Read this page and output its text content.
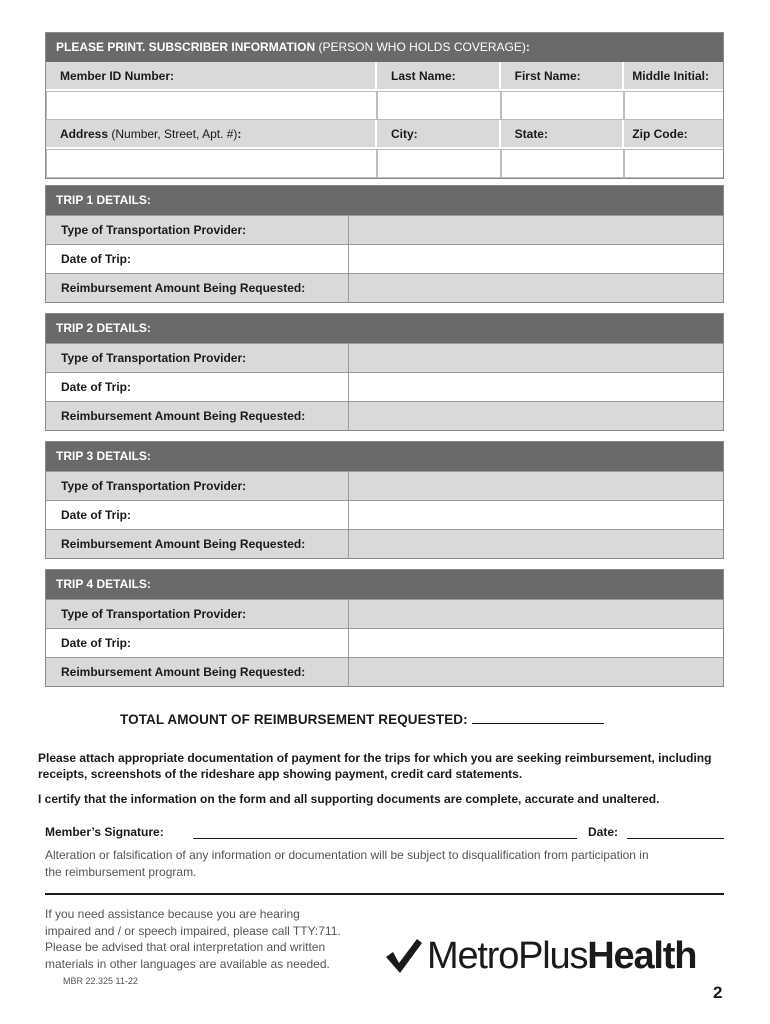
PLEASE PRINT. SUBSCRIBER INFORMATION (PERSON WHO HOLDS COVERAGE):
Member ID Number:	Last Name:	First Name:	Middle Initial:
Address (Number, Street, Apt. #):	City:	State:	Zip Code:
TRIP 1 DETAILS:
Type of Transportation Provider:
Date of Trip:
Reimbursement Amount Being Requested:
TRIP 2 DETAILS:
Type of Transportation Provider:
Date of Trip:
Reimbursement Amount Being Requested:
TRIP 3 DETAILS:
Type of Transportation Provider:
Date of Trip:
Reimbursement Amount Being Requested:
TRIP 4 DETAILS:
Type of Transportation Provider:
Date of Trip:
Reimbursement Amount Being Requested:
TOTAL AMOUNT OF REIMBURSEMENT REQUESTED:
Please attach appropriate documentation of payment for the trips for which you are seeking reimbursement, including receipts, screenshots of the rideshare app showing payment, credit card statements.
I certify that the information on the form and all supporting documents are complete, accurate and unaltered.
Member’s Signature:	Date:
Alteration or falsification of any information or documentation will be subject to disqualification from participation in the reimbursement program.
If you need assistance because you are hearing impaired and / or speech impaired, please call TTY:711. Please be advised that oral interpretation and written materials in other languages are available as needed. MBR 22.325 11-22
MetroPlusHealth
2
